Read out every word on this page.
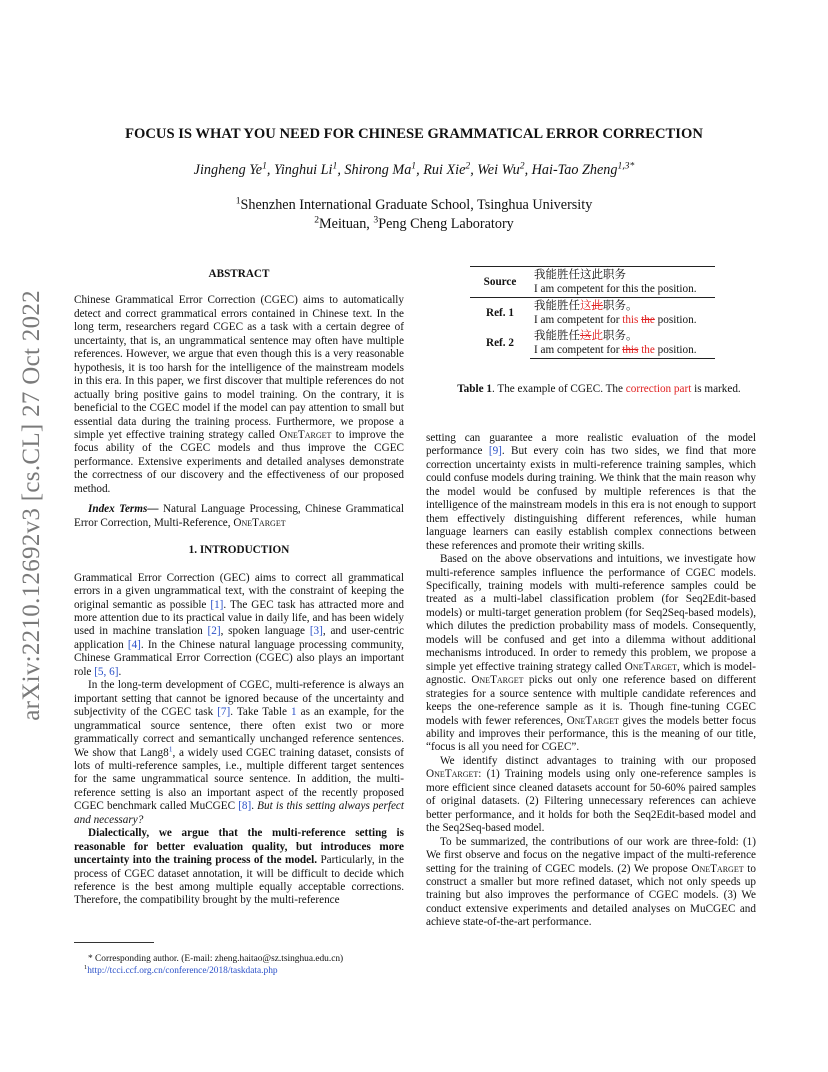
arXiv:2210.12692v3 [cs.CL] 27 Oct 2022
FOCUS IS WHAT YOU NEED FOR CHINESE GRAMMATICAL ERROR CORRECTION
Jingheng Ye$^1$, Yinghui Li$^1$, Shirong Ma$^1$, Rui Xie$^2$, Wei Wu$^2$, Hai-Tao Zheng$^{1,3*}$
$^1$Shenzhen International Graduate School, Tsinghua University
$^2$Meituan, $^3$Peng Cheng Laboratory
ABSTRACT

Chinese Grammatical Error Correction (CGEC) aims to automatically detect and correct grammatical errors contained in Chinese text. In the long term, researchers regard CGEC as a task with a certain degree of uncertainty, that is, an ungrammatical sentence may often have multiple references. However, we argue that even though this is a very reasonable hypothesis, it is too harsh for the intelligence of the mainstream models in this era. In this paper, we first discover that multiple references do not actually bring positive gains to model training. On the contrary, it is beneficial to the CGEC model if the model can pay attention to small but essential data during the training process. Furthermore, we propose a simple yet effective training strategy called OneTarget to improve the focus ability of the CGEC models and thus improve the CGEC performance. Extensive experiments and detailed analyses demonstrate the correctness of our discovery and the effectiveness of our proposed method.

Index Terms— Natural Language Processing, Chinese Grammatical Error Correction, Multi-Reference, OneTarget

1. INTRODUCTION

Grammatical Error Correction (GEC) aims to correct all grammatical errors in a given ungrammatical text, with the constraint of keeping the original semantic as possible [1]. The GEC task has attracted more and more attention due to its practical value in daily life, and has been widely used in machine translation [2], spoken language [3], and user-centric application [4]. In the Chinese natural language processing community, Chinese Grammatical Error Correction (CGEC) also plays an important role [5, 6].

In the long-term development of CGEC, multi-reference is always an important setting that cannot be ignored because of the uncertainty and subjectivity of the CGEC task [7]. Take Table 1 as an example, for the ungrammatical source sentence, there often exist two or more grammatically correct and semantically unchanged reference sentences. We show that $Lang8^1$, a widely used CGEC training dataset, consists of lots of multi-reference samples, i.e., multiple different target sentences for the same ungrammatical source sentence. In addition, the multi-reference setting is also an important aspect of the recently proposed CGEC benchmark called MuCGEC [8]. But is this setting always perfect and necessary?

Dialectically, we argue that the multi-reference setting is reasonable for better evaluation quality, but introduces more uncertainty into the training process of the model. Particularly, in the process of CGEC dataset annotation, it will be difficult to decide which reference is the best among multiple equally acceptable corrections. Therefore, the compatibility brought by the multi-reference

* Corresponding author. (E-mail: zheng.haitao@sz.tsinghua.edu.cn)
$^1$http://tcci.ccf.org.cn/conference/2018/taskdata.php
Source	我能胜任这此职务
	I am competent for this the position.
Ref. 1	我能胜任这此职务。
	I am competent for this the position.
Ref. 2	我能胜任这此职务。
	I am competent for this the position.
Table 1. The example of CGEC. The correction part is marked.

setting can guarantee a more realistic evaluation of the model performance [9]. But every coin has two sides, we find that more correction uncertainty exists in multi-reference training samples, which could confuse models during training. We think that the main reason why the model would be confused by multiple references is that the intelligence of the mainstream models in this era is not enough to support them effectively distinguishing different references, while human language learners can easily establish complex connections between these references and promote their writing skills.

Based on the above observations and intuitions, we investigate how multi-reference samples influence the performance of CGEC models. Specifically, training models with multi-reference samples could be treated as a multi-label classification problem (for Seq2Edit-based models) or multi-target generation problem (for Seq2Seq-based models), which dilutes the prediction probability mass of models. Consequently, models will be confused and get into a dilemma without additional mechanisms introduced. In order to remedy this problem, we propose a simple yet effective training strategy called OneTarget, which is model-agnostic. OneTarget picks out only one reference based on different strategies for a source sentence with multiple candidate references and keeps the one-reference sample as it is. Though fine-tuning CGEC models with fewer references, OneTarget gives the models better focus ability and improves their performance, this is the meaning of our title, “focus is all you need for CGEC”.

We identify distinct advantages to training with our proposed OneTarget: (1) Training models using only one-reference samples is more efficient since cleaned datasets account for 50-60% paired samples of original datasets. (2) Filtering unnecessary references can achieve better performance, and it holds for both the Seq2Edit-based model and the Seq2Seq-based model.

To be summarized, the contributions of our work are three-fold: (1) We first observe and focus on the negative impact of the multi-reference setting for the training of CGEC models. (2) We propose OneTarget to construct a smaller but more refined dataset, which not only speeds up training but also improves the performance of CGEC models. (3) We conduct extensive experiments and detailed analyses on MuCGEC and achieve state-of-the-art performance.
